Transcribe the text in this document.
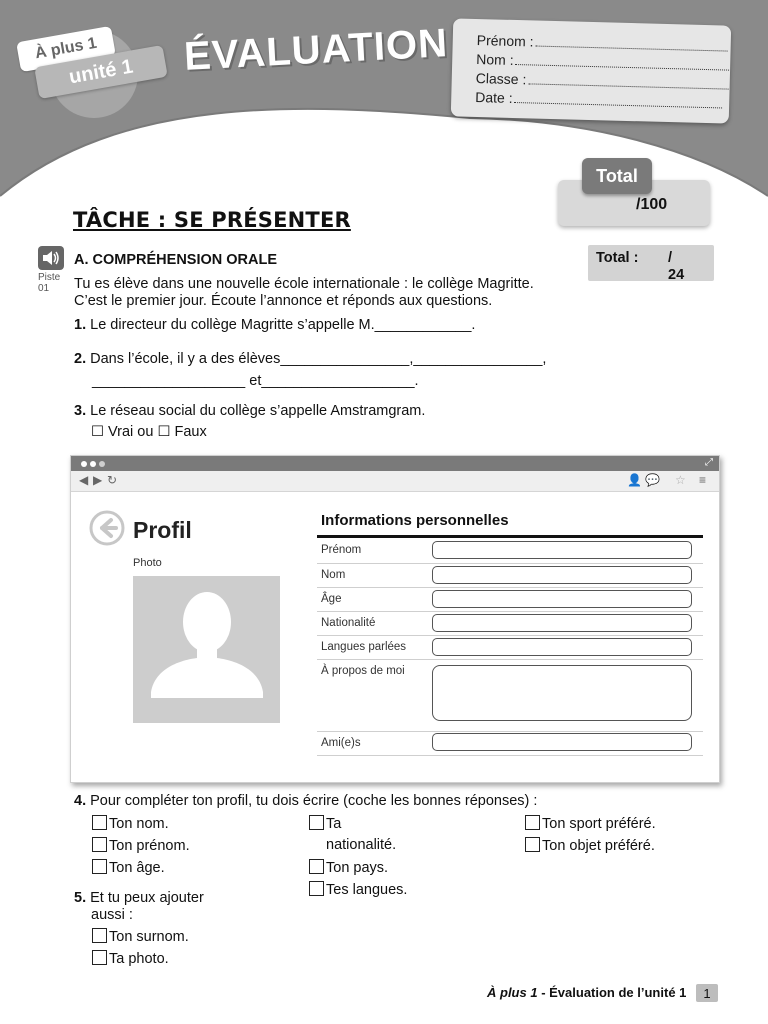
À plus 1
unité 1	ÉVALUATION Prénom :
Nom :
Classe :
Date :
Total
/100
TÂCHE : SE PRÉSENTER
Piste
01
A. COMPRÉHENSION ORALE	Total : /
24
Tu es élève dans une nouvelle école internationale : le collège Magritte.
C’est le premier jour. Écoute l’annonce et réponds aux questions.
1. Le directeur du collège Magritte s’appelle M.____________.
2. Dans l’école, il y a des élèves________________,________________,
___________________ et___________________.
3. Le réseau social du collège s’appelle Amstramgram.
☐ Vrai ou ☐ Faux
⤢
◀ ▶ ↻	👤 💬 ☆ ≡
Profil
Photo
Informations personnelles
Prénom
Nom
Âge
Nationalité
Langues parlées
À propos de moi
Ami(e)s
4. Pour compléter ton profil, tu dois écrire (coche les bonnes réponses) :
Ton nom.
Ton prénom.
Ton âge.
Ta
nationalité.
Ton pays.
Tes langues.
Ton sport préféré.
Ton objet préféré.
5. Et tu peux ajouter
aussi :
Ton surnom.
Ta photo.
À plus 1 - Évaluation de l’unité 1	1
